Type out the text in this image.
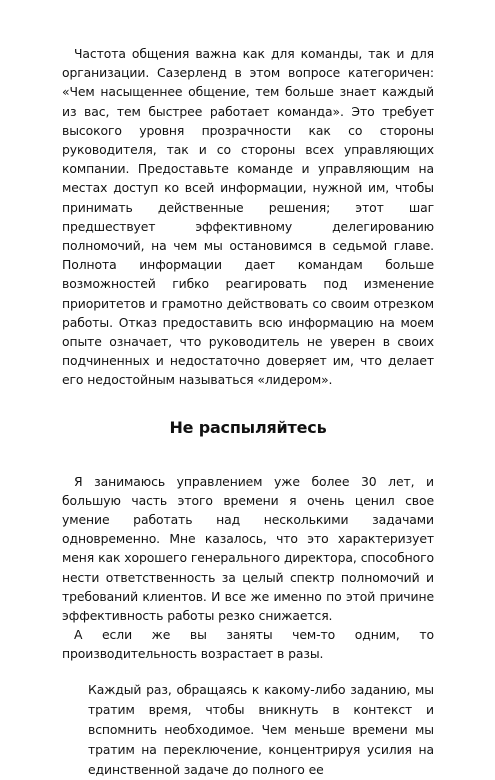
Частота общения важна как для команды, так и для организации. Сазерленд в этом вопросе категоричен: «Чем насыщеннее общение, тем больше знает каждый из вас, тем быстрее работает команда». Это требует высокого уровня прозрачности как со стороны руководителя, так и со стороны всех управляющих компании. Предоставьте команде и управляющим на местах доступ ко всей информации, нужной им, чтобы принимать действенные решения; этот шаг предшествует эффективному делегированию полномочий, на чем мы остановимся в седьмой главе. Полнота информации дает командам больше возможностей гибко реагировать под изменение приоритетов и грамотно действовать со своим отрезком работы. Отказ предоставить всю информацию на моем опыте означает, что руководитель не уверен в своих подчиненных и недостаточно доверяет им, что делает его недостойным называться «лидером».

Не распыляйтесь

Я занимаюсь управлением уже более 30 лет, и большую часть этого времени я очень ценил свое умение работать над несколькими задачами одновременно. Мне казалось, что это характеризует меня как хорошего генерального директора, способного нести ответственность за целый спектр полномочий и требований клиентов. И все же именно по этой причине эффективность работы резко снижается.

А если же вы заняты чем-то одним, то производительность возрастает в разы.

Каждый раз, обращаясь к какому-либо заданию, мы тратим время, чтобы вникнуть в контекст и вспомнить необходимое. Чем меньше времени мы тратим на переключение, концентрируя усилия на единственной задаче до полного ее
